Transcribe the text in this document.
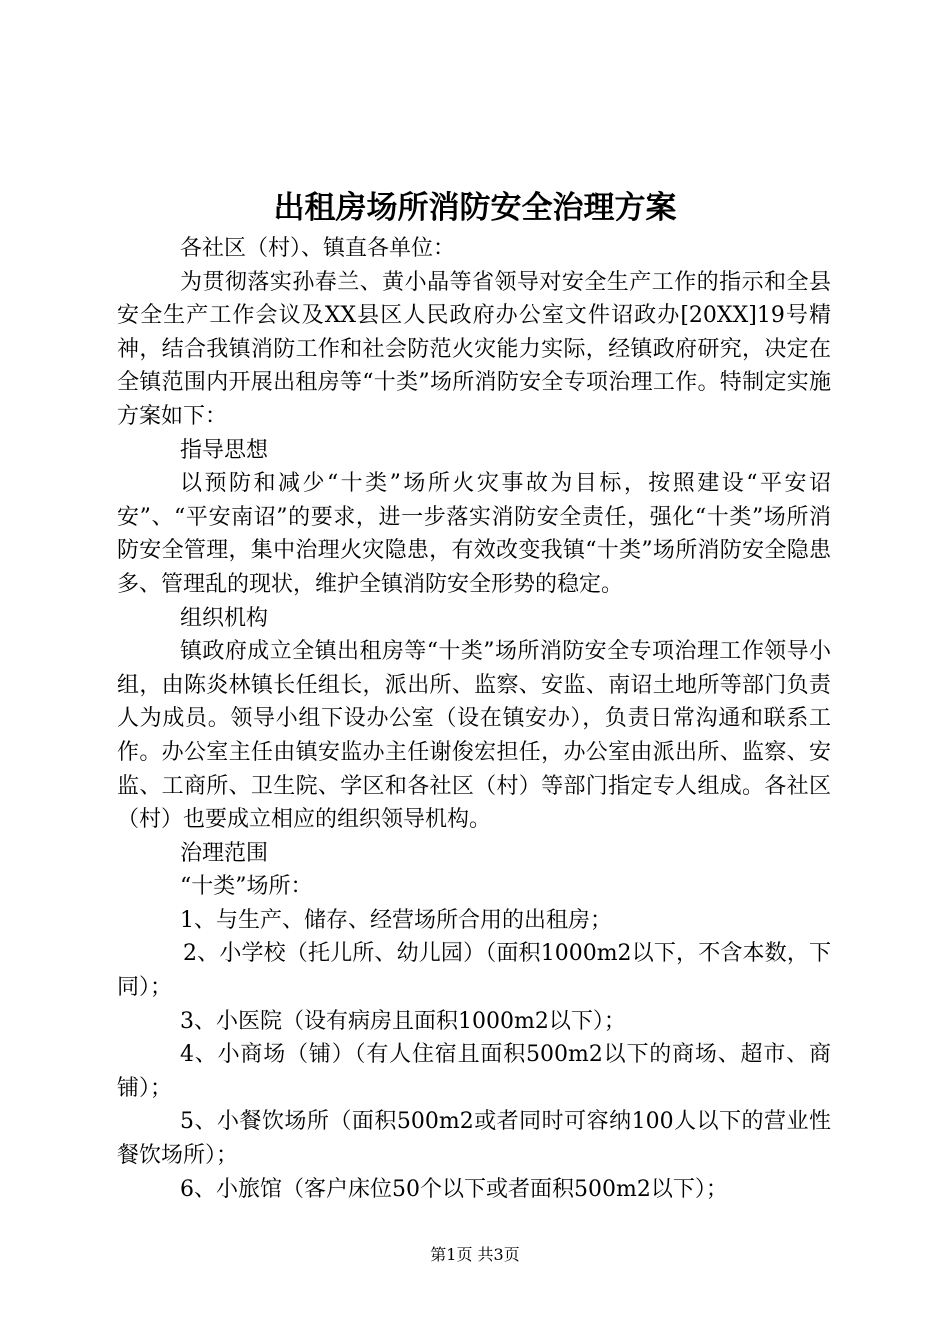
出租房场所消防安全治理方案

各社区（村）、镇直各单位：

为贯彻落实孙春兰、黄小晶等省领导对安全生产工作的指示和全县安全生产工作会议及XX县区人民政府办公室文件诏政办[20XX]19号精神，结合我镇消防工作和社会防范火灾能力实际，经镇政府研究，决定在全镇范围内开展出租房等“十类”场所消防安全专项治理工作。特制定实施方案如下：

指导思想

以预防和减少“十类”场所火灾事故为目标，按照建设“平安诏安”、“平安南诏”的要求，进一步落实消防安全责任，强化“十类”场所消防安全管理，集中治理火灾隐患，有效改变我镇“十类”场所消防安全隐患多、管理乱的现状，维护全镇消防安全形势的稳定。

组织机构

镇政府成立全镇出租房等“十类”场所消防安全专项治理工作领导小组，由陈炎林镇长任组长，派出所、监察、安监、南诏土地所等部门负责人为成员。领导小组下设办公室（设在镇安办），负责日常沟通和联系工作。办公室主任由镇安监办主任谢俊宏担任，办公室由派出所、监察、安监、工商所、卫生院、学区和各社区（村）等部门指定专人组成。各社区（村）也要成立相应的组织领导机构。

治理范围

“十类”场所：

1、与生产、储存、经营场所合用的出租房；

2、小学校（托儿所、幼儿园）（面积1000m2以下，不含本数，下同）；

3、小医院（设有病房且面积1000m2以下）；

4、小商场（铺）（有人住宿且面积500m2以下的商场、超市、商铺）；

5、小餐饮场所（面积500m2或者同时可容纳100人以下的营业性餐饮场所）；

6、小旅馆（客户床位50个以下或者面积500m2以下）；

第1页 共3页
